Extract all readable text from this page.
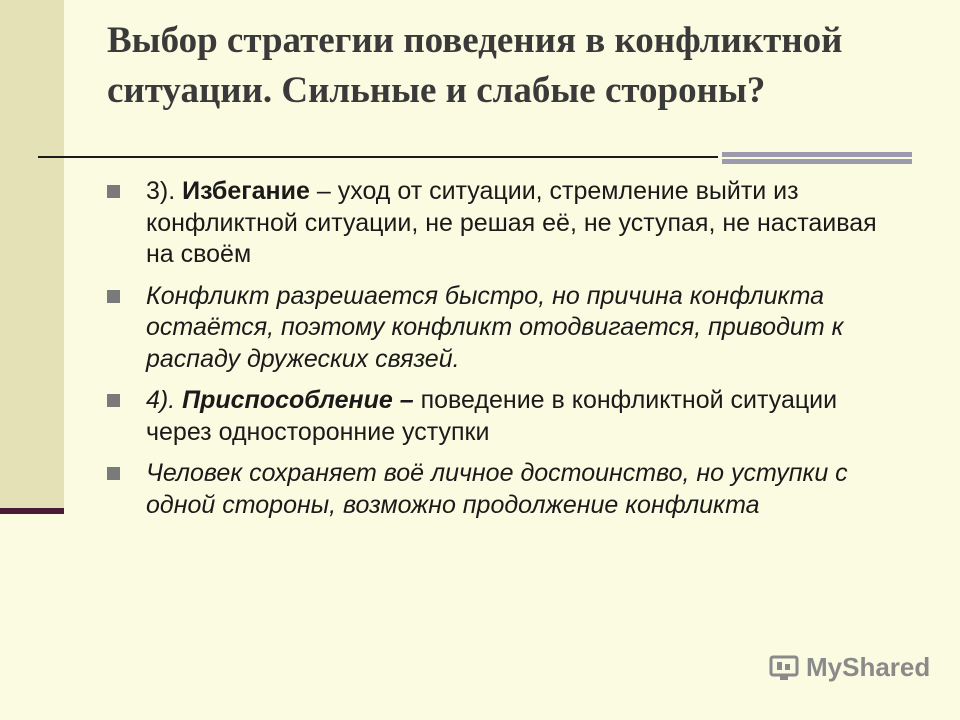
Выбор стратегии поведения в конфликтной ситуации. Сильные и слабые стороны?
3). Избегание – уход от ситуации, стремление выйти из конфликтной ситуации, не решая её, не уступая, не настаивая на своём
Конфликт разрешается быстро, но причина конфликта остаётся, поэтому конфликт отодвигается, приводит к распаду дружеских связей.
4). Приспособление – поведение в конфликтной ситуации через односторонние уступки
Человек сохраняет воё личное достоинство, но уступки с одной стороны, возможно продолжение конфликта
MyShared
